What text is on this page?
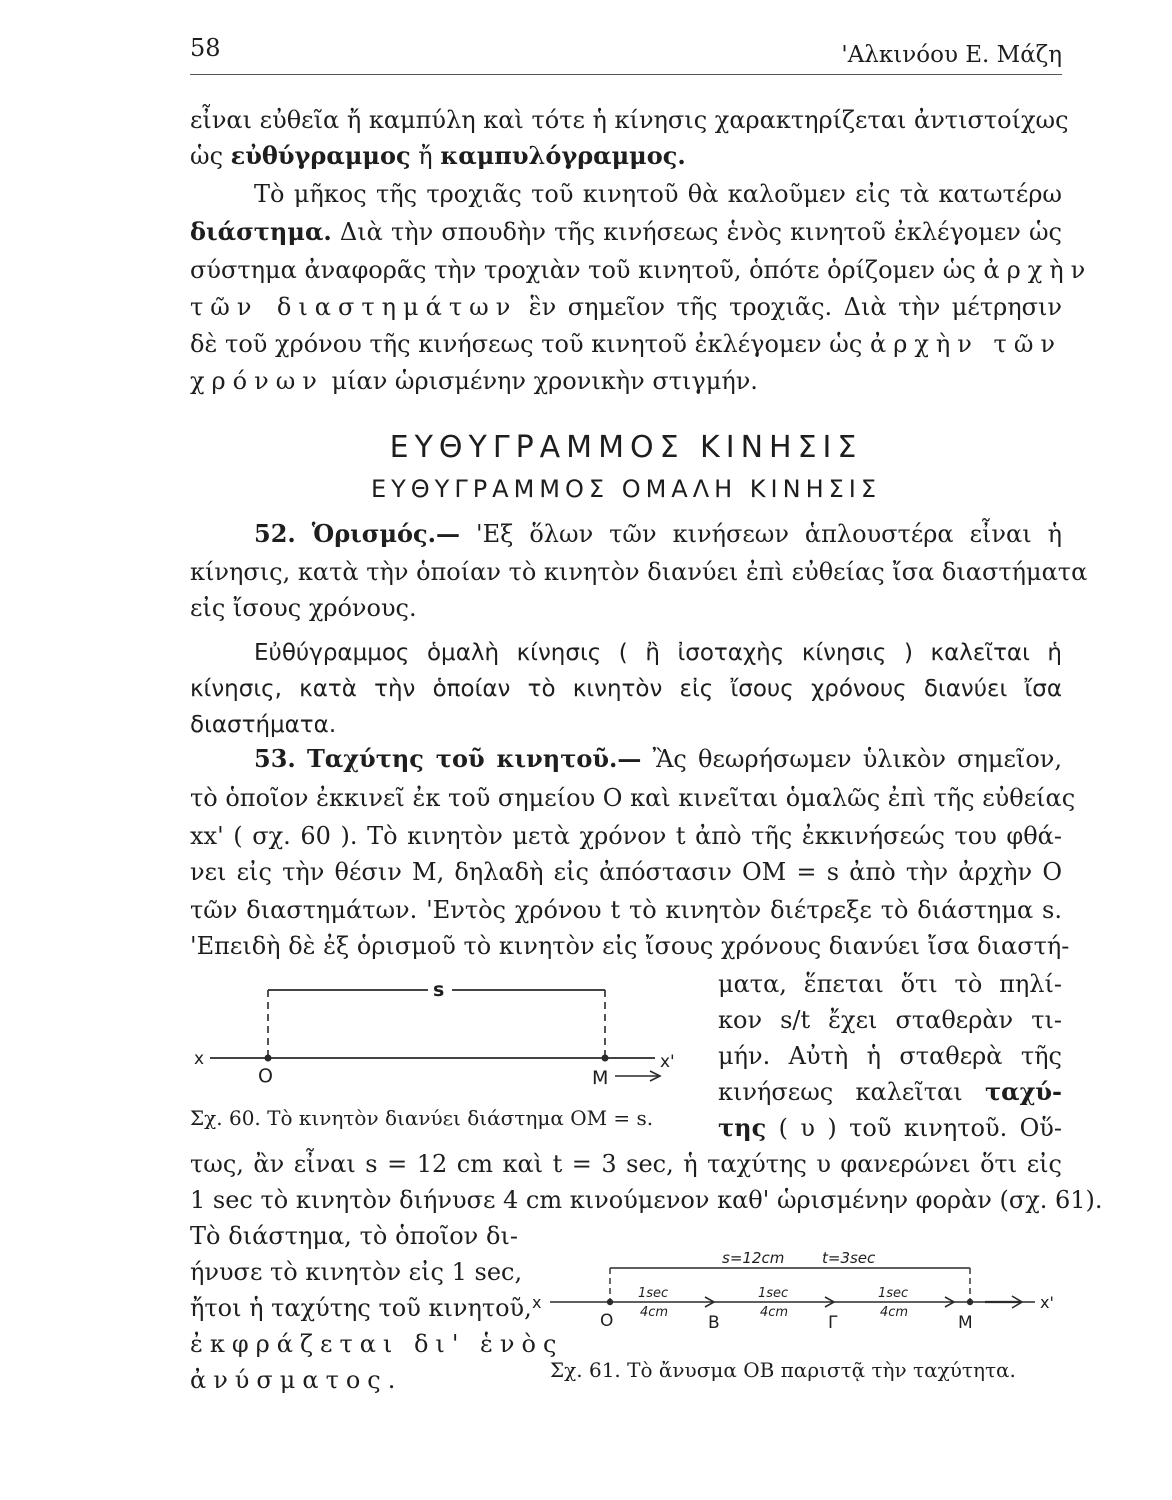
58	'Αλκινόου Ε. Μάζη
εἶναι εὐθεῖα ἤ καμπύλη καὶ τότε ἡ κίνησις χαρακτηρίζεται ἀντιστοίχως
ὡς εὐθύγραμμος ἤ καμπυλόγραμμος.
Τὸ μῆκος τῆς τροχιᾶς τοῦ κινητοῦ θὰ καλοῦμεν εἰς τὰ κατωτέρω
διάστημα. Διὰ τὴν σπουδὴν τῆς κινήσεως ἑνὸς κινητοῦ ἐκλέγομεν ὡς
σύστημα ἀναφορᾶς τὴν τροχιὰν τοῦ κινητοῦ, ὁπότε ὁρίζομεν ὡς ἀρχὴν
τῶν διαστημάτων ἓν σημεῖον τῆς τροχιᾶς. Διὰ τὴν μέτρησιν
δὲ τοῦ χρόνου τῆς κινήσεως τοῦ κινητοῦ ἐκλέγομεν ὡς ἀρχὴν τῶν
χρόνων μίαν ὡρισμένην χρονικὴν στιγμήν.
ΕΥΘΥΓΡΑΜΜΟΣ ΚΙΝΗΣΙΣ
ΕΥΘΥΓΡΑΜΜΟΣ ΟΜΑΛΗ ΚΙΝΗΣΙΣ
52. Ὁρισμός.— 'Εξ ὅλων τῶν κινήσεων ἁπλουστέρα εἶναι ἡ
κίνησις, κατὰ τὴν ὁποίαν τὸ κινητὸν διανύει ἐπὶ εὐθείας ἴσα διαστήματα
εἰς ἴσους χρόνους.
Εὐθύγραμμος ὁμαλὴ κίνησις ( ἢ ἰσοταχὴς κίνησις ) καλεῖται ἡ
κίνησις, κατὰ τὴν ὁποίαν τὸ κινητὸν εἰς ἴσους χρόνους διανύει ἴσα
διαστήματα.
53. Ταχύτης τοῦ κινητοῦ.— Ἂς θεωρήσωμεν ὑλικὸν σημεῖον,
τὸ ὁποῖον ἐκκινεῖ ἐκ τοῦ σημείου Ο καὶ κινεῖται ὁμαλῶς ἐπὶ τῆς εὐθείας
xx' ( σχ. 60 ). Τὸ κινητὸν μετὰ χρόνον t ἀπὸ τῆς ἐκκινήσεώς του φθά-
νει εἰς τὴν θέσιν Μ, δηλαδὴ εἰς ἀπόστασιν ΟΜ = s ἀπὸ τὴν ἀρχὴν Ο
τῶν διαστημάτων. 'Εντὸς χρόνου t τὸ κινητὸν διέτρεξε τὸ διάστημα s.
'Επειδὴ δὲ ἐξ ὁρισμοῦ τὸ κινητὸν εἰς ἴσους χρόνους διανύει ἴσα διαστή-
ματα, ἕπεται ὅτι τὸ πηλί-
κον s/t ἔχει σταθερὰν τι-
μήν. Αὐτὴ ἡ σταθερὰ τῆς
κινήσεως καλεῖται ταχύ-
της ( υ ) τοῦ κινητοῦ. Οὕ-
s
x	x'
Ο	Μ
Σχ. 60. Τὸ κινητὸν διανύει διάστημα ΟΜ = s.
τως, ἂν εἶναι s = 12 cm καὶ t = 3 sec, ἡ ταχύτης υ φανερώνει ὅτι εἰς
1 sec τὸ κινητὸν διήνυσε 4 cm κινούμενον καθ' ὡρισμένην φορὰν (σχ. 61).
Τὸ διάστημα, τὸ ὁποῖον δι-
ήνυσε τὸ κινητὸν εἰς 1 sec,
ἤτοι ἡ ταχύτης τοῦ κινητοῦ,
ἐκφράζεται δι' ἑνὸς
ἀνύσματος.
s=12cm	t=3sec
x	x'
Ο	Β	Γ	Μ
1sec
4cm
1sec
4cm
1sec
4cm
Σχ. 61. Τὸ ἄνυσμα ΟΒ παριστᾷ τὴν ταχύτητα.
